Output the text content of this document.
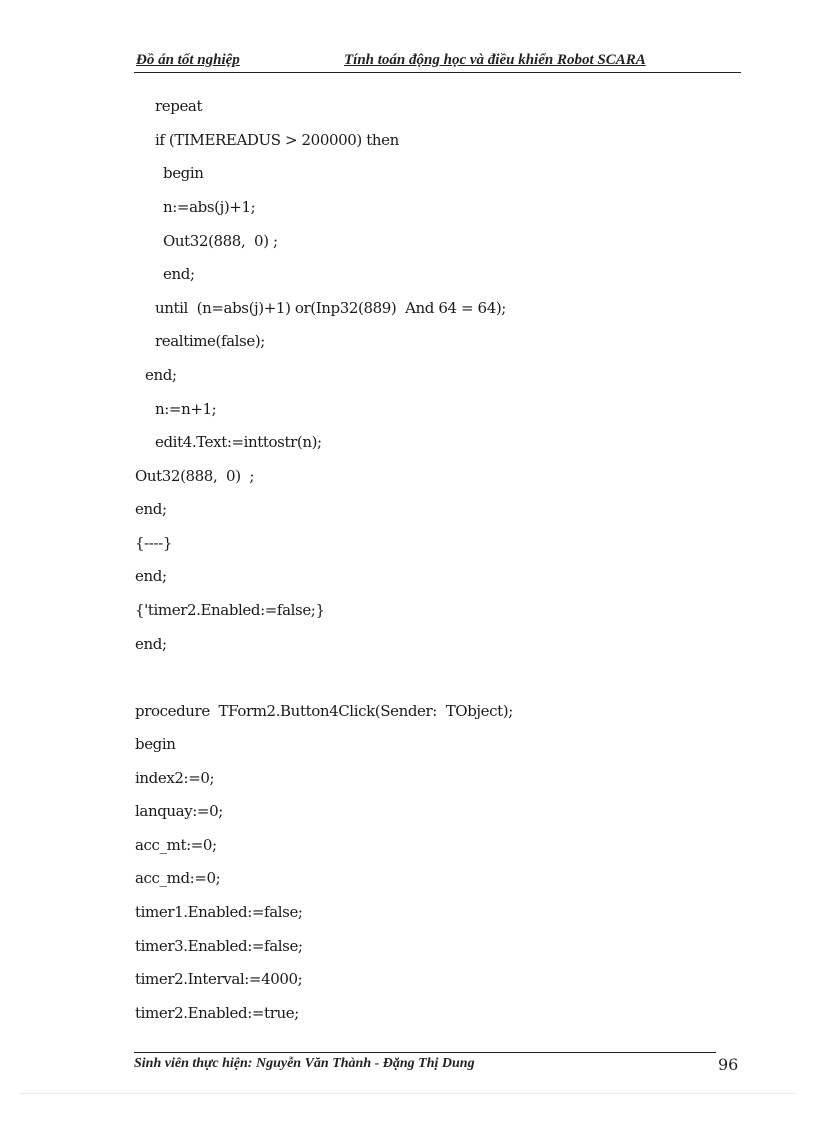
Đồ án tốt nghiệp	Tính toán động học và điều khiển Robot SCARA
repeat
if (TIMEREADUS > 200000) then
begin
n:=abs(j)+1;
Out32(888,  0) ;
end;
until  (n=abs(j)+1) or(Inp32(889)  And 64 = 64);
realtime(false);
end;
n:=n+1;
edit4.Text:=inttostr(n);
Out32(888,  0)  ;
end;
{----}
end;
{'timer2.Enabled:=false;}
end;
procedure  TForm2.Button4Click(Sender:  TObject);
begin
index2:=0;
lanquay:=0;
acc_mt:=0;
acc_md:=0;
timer1.Enabled:=false;
timer3.Enabled:=false;
timer2.Interval:=4000;
timer2.Enabled:=true;
Sinh viên thực hiện: Nguyễn Văn Thành - Đặng Thị Dung	96
